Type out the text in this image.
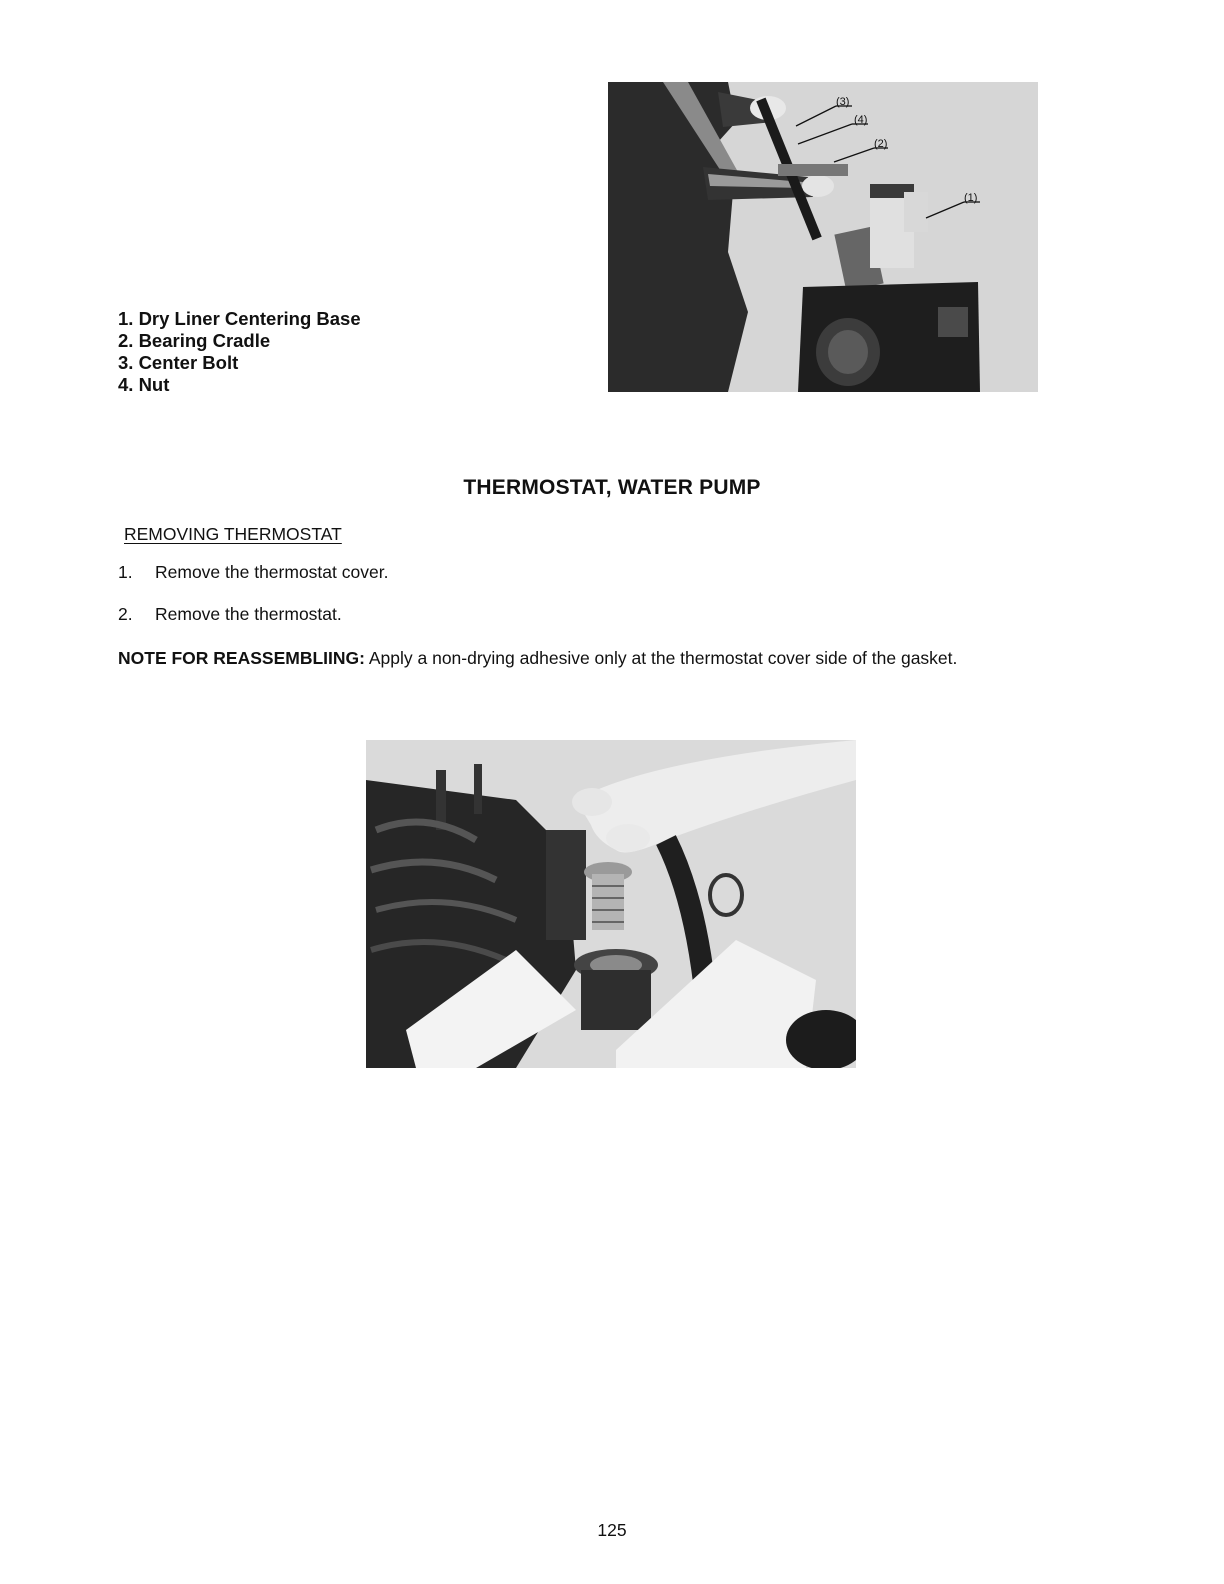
1. Dry Liner Centering Base
2. Bearing Cradle
3. Center Bolt
4. Nut
(3)
(4)
(2)
(1)
THERMOSTAT, WATER PUMP
REMOVING THERMOSTAT
1. Remove the thermostat cover.
2. Remove the thermostat.
NOTE FOR REASSEMBLIING: Apply a non-drying adhesive only at the thermostat cover side of the gasket.
125
